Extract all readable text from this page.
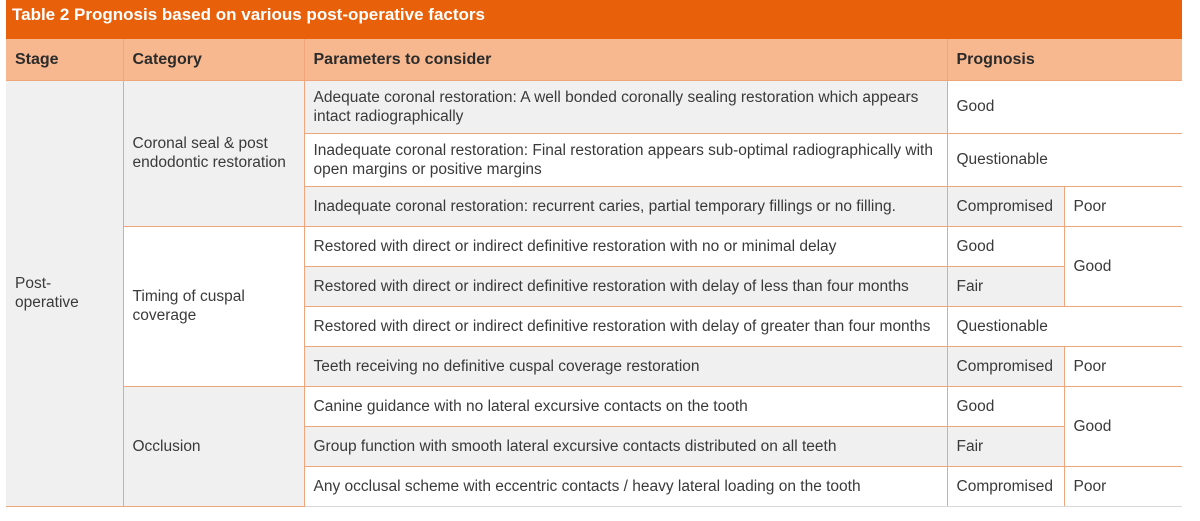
Table 2 Prognosis based on various post-operative factors
Stage	Category	Parameters to consider	Prognosis	
Post-operative	Coronal seal & post endodontic restoration	Adequate coronal restoration: A well bonded coronally sealing restoration which appears intact radiographically	Good	
		Inadequate coronal restoration: Final restoration appears sub-optimal radiographically with open margins or positive margins	Questionable	
		Inadequate coronal restoration: recurrent caries, partial temporary fillings or no filling.	Compromised	Poor
	Timing of cuspal coverage	Restored with direct or indirect definitive restoration with no or minimal delay	Good	Good
		Restored with direct or indirect definitive restoration with delay of less than four months	Fair	
		Restored with direct or indirect definitive restoration with delay of greater than four months	Questionable	
		Teeth receiving no definitive cuspal coverage restoration	Compromised	Poor
	Occlusion	Canine guidance with no lateral excursive contacts on the tooth	Good	Good
		Group function with smooth lateral excursive contacts distributed on all teeth	Fair	
		Any occlusal scheme with eccentric contacts / heavy lateral loading on the tooth	Compromised	Poor
